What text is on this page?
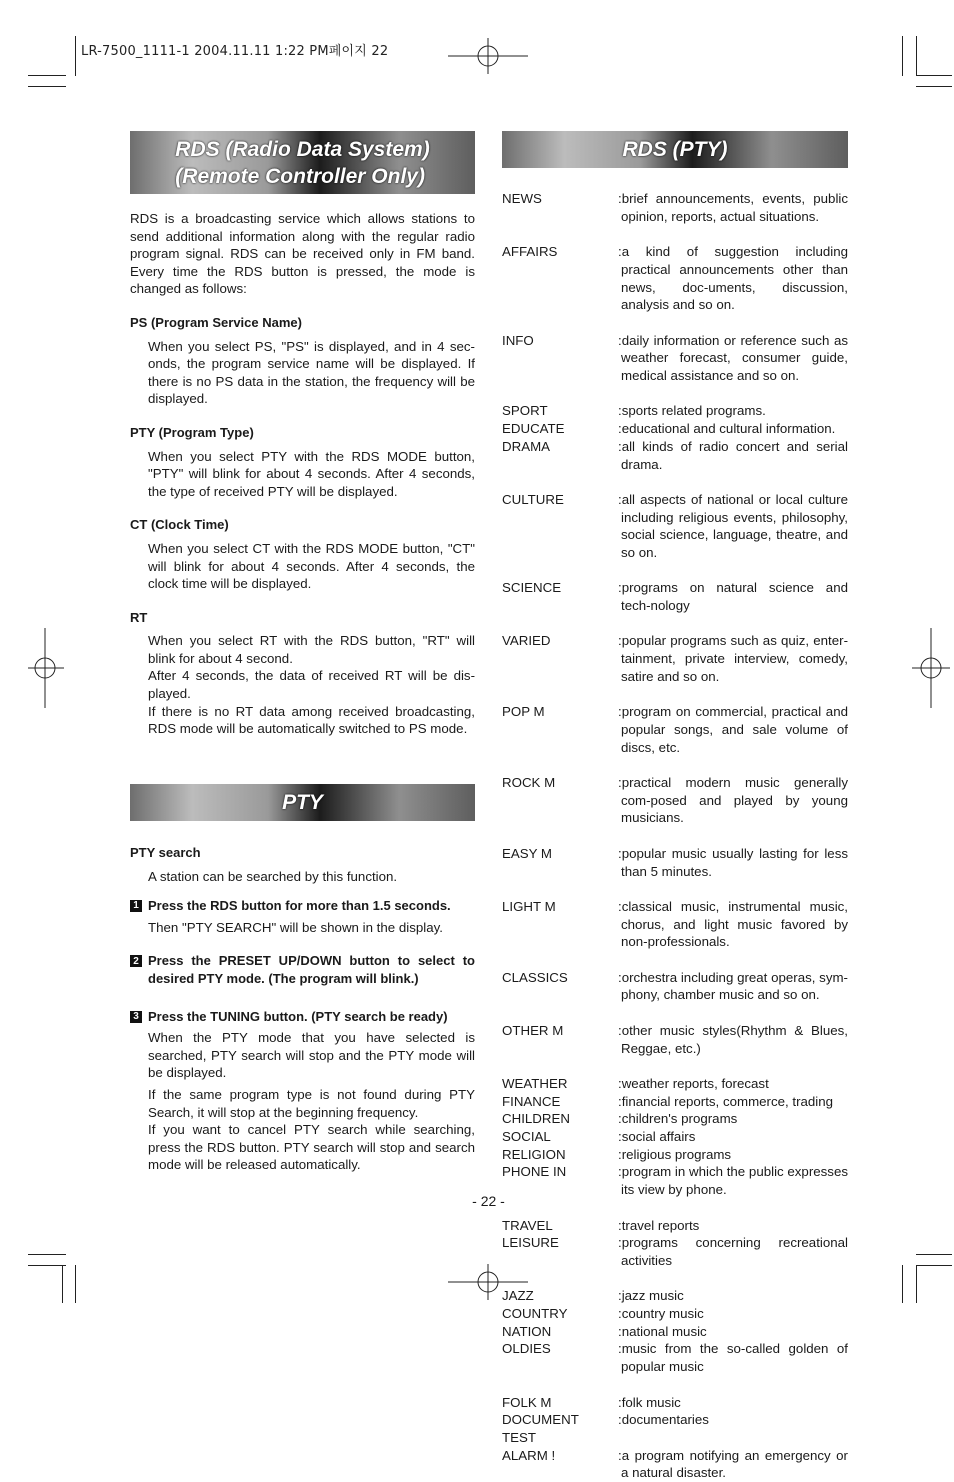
LR-7500_1111-1 2004.11.11 1:22 PM페이지 22
RDS (Radio Data System)
(Remote Controller Only)
RDS (PTY)

RDS is a broadcasting service which allows stations to send additional information along with the regular radio program signal. RDS can be received only in FM band. Every time the RDS button is pressed, the mode is changed as follows:

PS (Program Service Name)

When you select PS, "PS" is displayed, and in 4 sec-onds, the program service name will be displayed. If there is no PS data in the station, the frequency will be displayed.

PTY (Program Type)

When you select PTY with the RDS MODE button, "PTY" will blink for about 4 seconds. After 4 seconds, the type of received PTY will be displayed.

CT (Clock Time)

When you select CT with the RDS MODE button, "CT" will blink for about 4 seconds. After 4 seconds, the clock time will be displayed.

RT

When you select RT with the RDS button, "RT" will blink for about 4 second.

After 4 seconds, the data of received RT will be dis-played.

If there is no RT data among received broadcasting, RDS mode will be automatically switched to PS mode.

PTY

PTY search

A station can be searched by this function.

1 Press the RDS button for more than 1.5 seconds.

Then "PTY SEARCH" will be shown in the display.

2 Press the PRESET UP/DOWN button to select to desired PTY mode. (The program will blink.)

3 Press the TUNING button. (PTY search be ready)

When the PTY mode that you have selected is searched, PTY search will stop and the PTY mode will be displayed.

If the same program type is not found during PTY Search, it will stop at the beginning frequency.

If you want to cancel PTY search while searching, press the RDS button. PTY search will stop and search mode will be released automatically.

NEWS	:brief announcements, events, public opinion, reports, actual situations.
AFFAIRS	:a kind of suggestion including practical announcements other than news, doc-uments, discussion, analysis and so on.
INFO	:daily information or reference such as weather forecast, consumer guide, medical assistance and so on.
SPORT	:sports related programs.
EDUCATE	:educational and cultural information.
DRAMA	:all kinds of radio concert and serial drama.
CULTURE	:all aspects of national or local culture including religious events, philosophy, social science, language, theatre, and so on.
SCIENCE	:programs on natural science and tech-nology
VARIED	:popular programs such as quiz, enter-tainment, private interview, comedy, satire and so on.
POP M	:program on commercial, practical and popular songs, and sale volume of discs, etc.
ROCK M	:practical modern music generally com-posed and played by young musicians.
EASY M	:popular music usually lasting for less than 5 minutes.
LIGHT M	:classical music, instrumental music, chorus, and light music favored by non-professionals.
CLASSICS	:orchestra including great operas, sym-phony, chamber music and so on.
OTHER M	:other music styles(Rhythm & Blues, Reggae, etc.)
WEATHER	:weather reports, forecast
FINANCE	:financial reports, commerce, trading
CHILDREN	:children's programs
SOCIAL	:social affairs
RELIGION	:religious programs
PHONE IN	:program in which the public expresses its view by phone.
TRAVEL	:travel reports
LEISURE	:programs concerning recreational activities
JAZZ	:jazz music
COUNTRY	:country music
NATION	:national music
OLDIES	:music from the so-called golden of popular music
FOLK M	:folk music
DOCUMENT	:documentaries
TEST
ALARM !	:a program notifying an emergency or a natural disaster.
- 22 -
